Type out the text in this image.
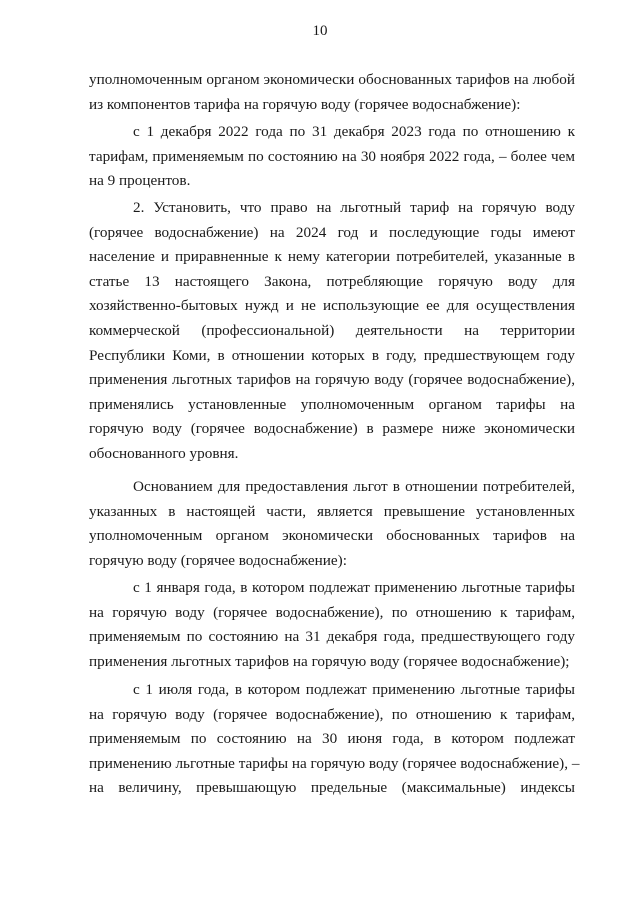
10
уполномоченным органом экономически обоснованных тарифов на любой
из компонентов тарифа на горячую воду (горячее водоснабжение):
с 1 декабря 2022 года по 31 декабря 2023 года по отношению к
тарифам, применяемым по состоянию на 30 ноября 2022 года, – более чем
на 9 процентов.
2. Установить, что право на льготный тариф на горячую воду
(горячее водоснабжение) на 2024 год и последующие годы имеют
население и приравненные к нему категории потребителей, указанные в
статье 13 настоящего Закона, потребляющие горячую воду для
хозяйственно-бытовых нужд и не использующие ее для осуществления
коммерческой (профессиональной) деятельности на территории
Республики Коми, в отношении которых в году, предшествующем году
применения льготных тарифов на горячую воду (горячее водоснабжение),
применялись установленные уполномоченным органом тарифы на
горячую воду (горячее водоснабжение) в размере ниже экономически
обоснованного уровня.
Основанием для предоставления льгот в отношении потребителей,
указанных в настоящей части, является превышение установленных
уполномоченным органом экономически обоснованных тарифов на
горячую воду (горячее водоснабжение):
с 1 января года, в котором подлежат применению льготные тарифы
на горячую воду (горячее водоснабжение), по отношению к тарифам,
применяемым по состоянию на 31 декабря года, предшествующего году
применения льготных тарифов на горячую воду (горячее водоснабжение);
с 1 июля года, в котором подлежат применению льготные тарифы
на горячую воду (горячее водоснабжение), по отношению к тарифам,
применяемым по состоянию на 30 июня года, в котором подлежат
применению льготные тарифы на горячую воду (горячее водоснабжение), –
на величину, превышающую предельные (максимальные) индексы
